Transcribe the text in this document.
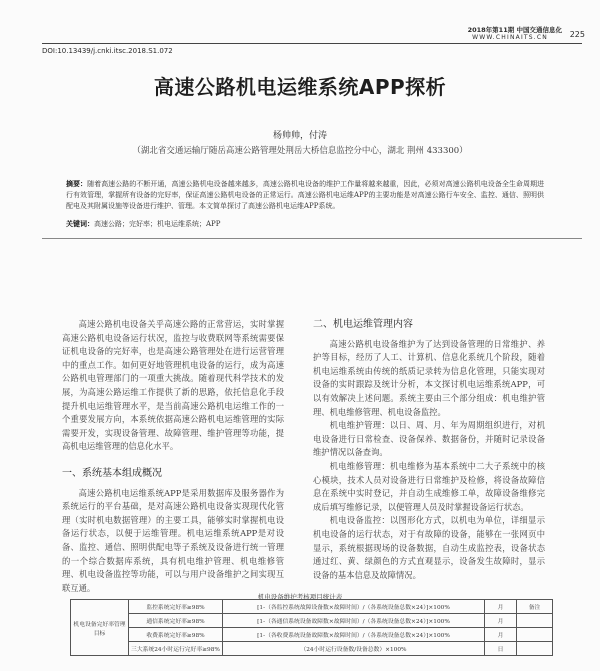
2018年第11期 中国交通信息化
WWW.CHINAITS.CN	225
DOI:10.13439/j.cnki.itsc.2018.S1.072
高速公路机电运维系统APP探析
杨帅帅，付涛
（湖北省交通运输厅随岳高速公路管理处荆岳大桥信息监控分中心，湖北 荆州 433300）
摘要：随着高速公路的不断开通，高速公路机电设备越来越多，高速公路机电设备的维护工作量将越来越重，因此，必须对高速公路机电设备全生命周期进行有效管理，掌握所有设备的完好率，保证高速公路机电设备的正常运行。高速公路机电运维APP的主要功能是对高速公路行车安全、监控、通信、照明供配电及其附属设施等设备进行维护、管理。本文简单探讨了高速公路机电运维APP系统。
关键词：高速公路；完好率；机电运维系统；APP

高速公路机电设备关乎高速公路的正常营运，实时掌握高速公路机电设备运行状况，监控与收费联网等系统需要保证机电设备的完好率，也是高速公路管理处在进行运营管理中的重点工作。如何更好地管理机电设备的运行，成为高速公路机电管理部门的一项重大挑战。随着现代科学技术的发展，为高速公路运维工作提供了新的思路，依托信息化手段提升机电运维管理水平，是当前高速公路机电运维工作的一个重要发展方向，本系统依据高速公路机电运维管理的实际需要开发，实现设备管理、故障管理、维护管理等功能，提高机电运维管理的信息化水平。

一、系统基本组成概况

高速公路机电运维系统APP是采用数据库及服务器作为系统运行的平台基础，是对高速公路机电设备实现现代化管理（实时机电数据管理）的主要工具，能够实时掌握机电设备运行状态，以便于运维管理。机电运维系统APP是对设备、监控、通信、照明供配电等子系统及设备进行统一管理的一个综合数据库系统，具有机电维护管理、机电维修管理、机电设备监控等功能，可以与用户设备维护之间实现互联互通。

二、机电运维管理内容

高速公路机电设备维护为了达到设备管理的日常维护、养护等目标，经历了人工、计算机、信息化系统几个阶段，随着机电运维系统由传统的纸质记录转为信息化管理，只能实现对设备的实时跟踪及统计分析，本文探讨机电运维系统APP，可以有效解决上述问题。系统主要由三个部分组成：机电维护管理、机电维修管理、机电设备监控。

机电维护管理：以日、周、月、年为周期组织进行，对机电设备进行日常检查、设备保养、数据备份，并随时记录设备维护情况以备查询。

机电维修管理：机电维修为基本系统中二大子系统中的核心模块，技术人员对设备进行日常维护及检修，将设备故障信息在系统中实时登记，并自动生成维修工单，故障设备维修完成后填写维修记录，以便管理人员及时掌握设备运行状态。

机电设备监控：以图形化方式，以机电为单位，详细显示机电设备的运行状态，对于有故障的设备，能够在一张网页中显示，系统根据现场的设备数据，自动生成监控表，设备状态通过红、黄、绿颜色的方式直观显示，设备发生故障时，显示设备的基本信息及故障情况。

机电设备维护考核项目统计表
机电设备完好率管理目标	监控系统完好率≥98%	[1-（各监控系统故障设备数×故障时间）/（各系统设备总数×24）]×100%	月	备注
	通信系统完好率≥98%	[1-（各通信系统设备故障数×故障时间）/（各系统设备总数×24）]×100%	月	
	收费系统完好率≥98%	[1-（各收费系统设备故障数×故障时间）/（各系统设备总数×24）]×100%	月	
	三大系统24小时运行完好率≥98%	（24小时运行设备数/设备总数）×100%	日	
